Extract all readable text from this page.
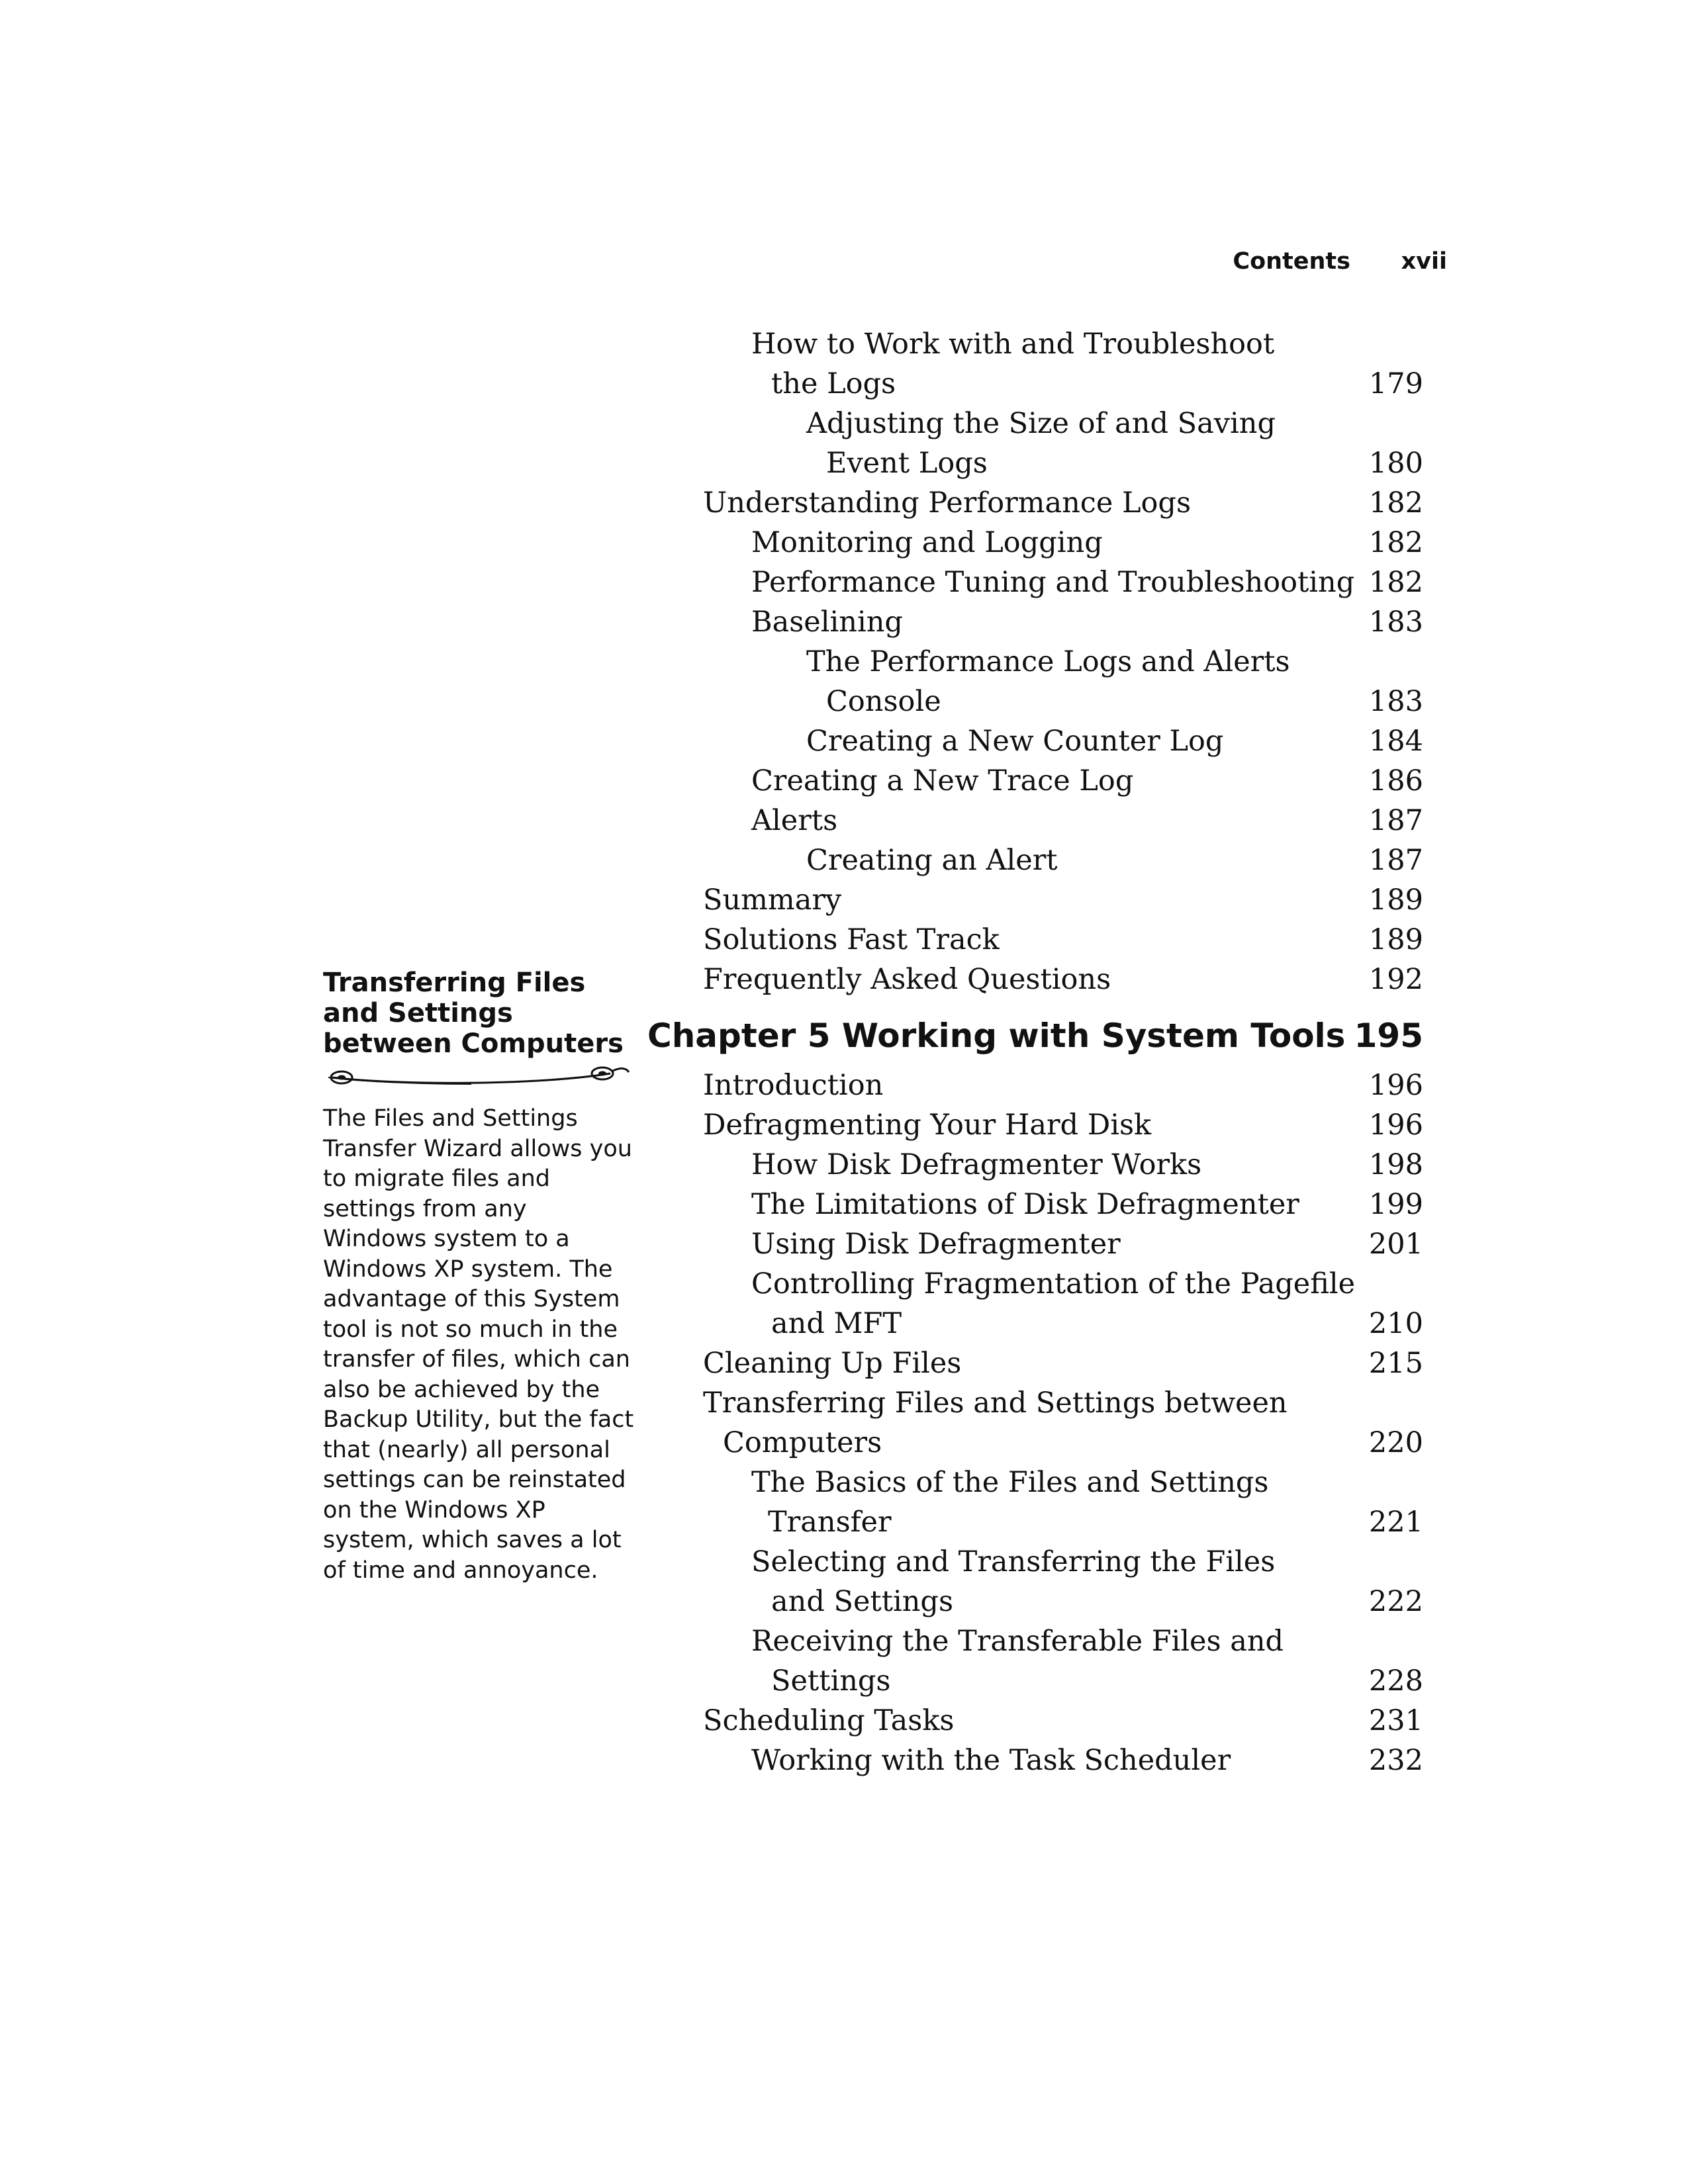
Contents	xvii
How to Work with and Troubleshoot
the Logs	179
Adjusting the Size of and Saving
Event Logs	180
Understanding Performance Logs	182
Monitoring and Logging	182
Performance Tuning and Troubleshooting 182
Baselining	183
The Performance Logs and Alerts
Console	183
Creating a New Counter Log	184
Creating a New Trace Log	186
Alerts	187
Creating an Alert	187
Summary	189
Solutions Fast Track	189
Frequently Asked Questions	192
Chapter 5 Working with System Tools 195
Introduction	196
Defragmenting Your Hard Disk	196
How Disk Defragmenter Works	198
The Limitations of Disk Defragmenter	199
Using Disk Defragmenter	201
Controlling Fragmentation of the Pagefile
and MFT	210
Cleaning Up Files	215
Transferring Files and Settings between
Computers	220
The Basics of the Files and Settings
Transfer	221
Selecting and Transferring the Files
and Settings	222
Receiving the Transferable Files and
Settings	228
Scheduling Tasks	231
Working with the Task Scheduler	232
Transferring Files and Settings between Computers

The Files and Settings Transfer Wizard allows you to migrate files and settings from any Windows system to a Windows XP system. The advantage of this System tool is not so much in the transfer of files, which can also be achieved by the Backup Utility, but the fact that (nearly) all personal settings can be reinstated on the Windows XP system, which saves a lot of time and annoyance.
